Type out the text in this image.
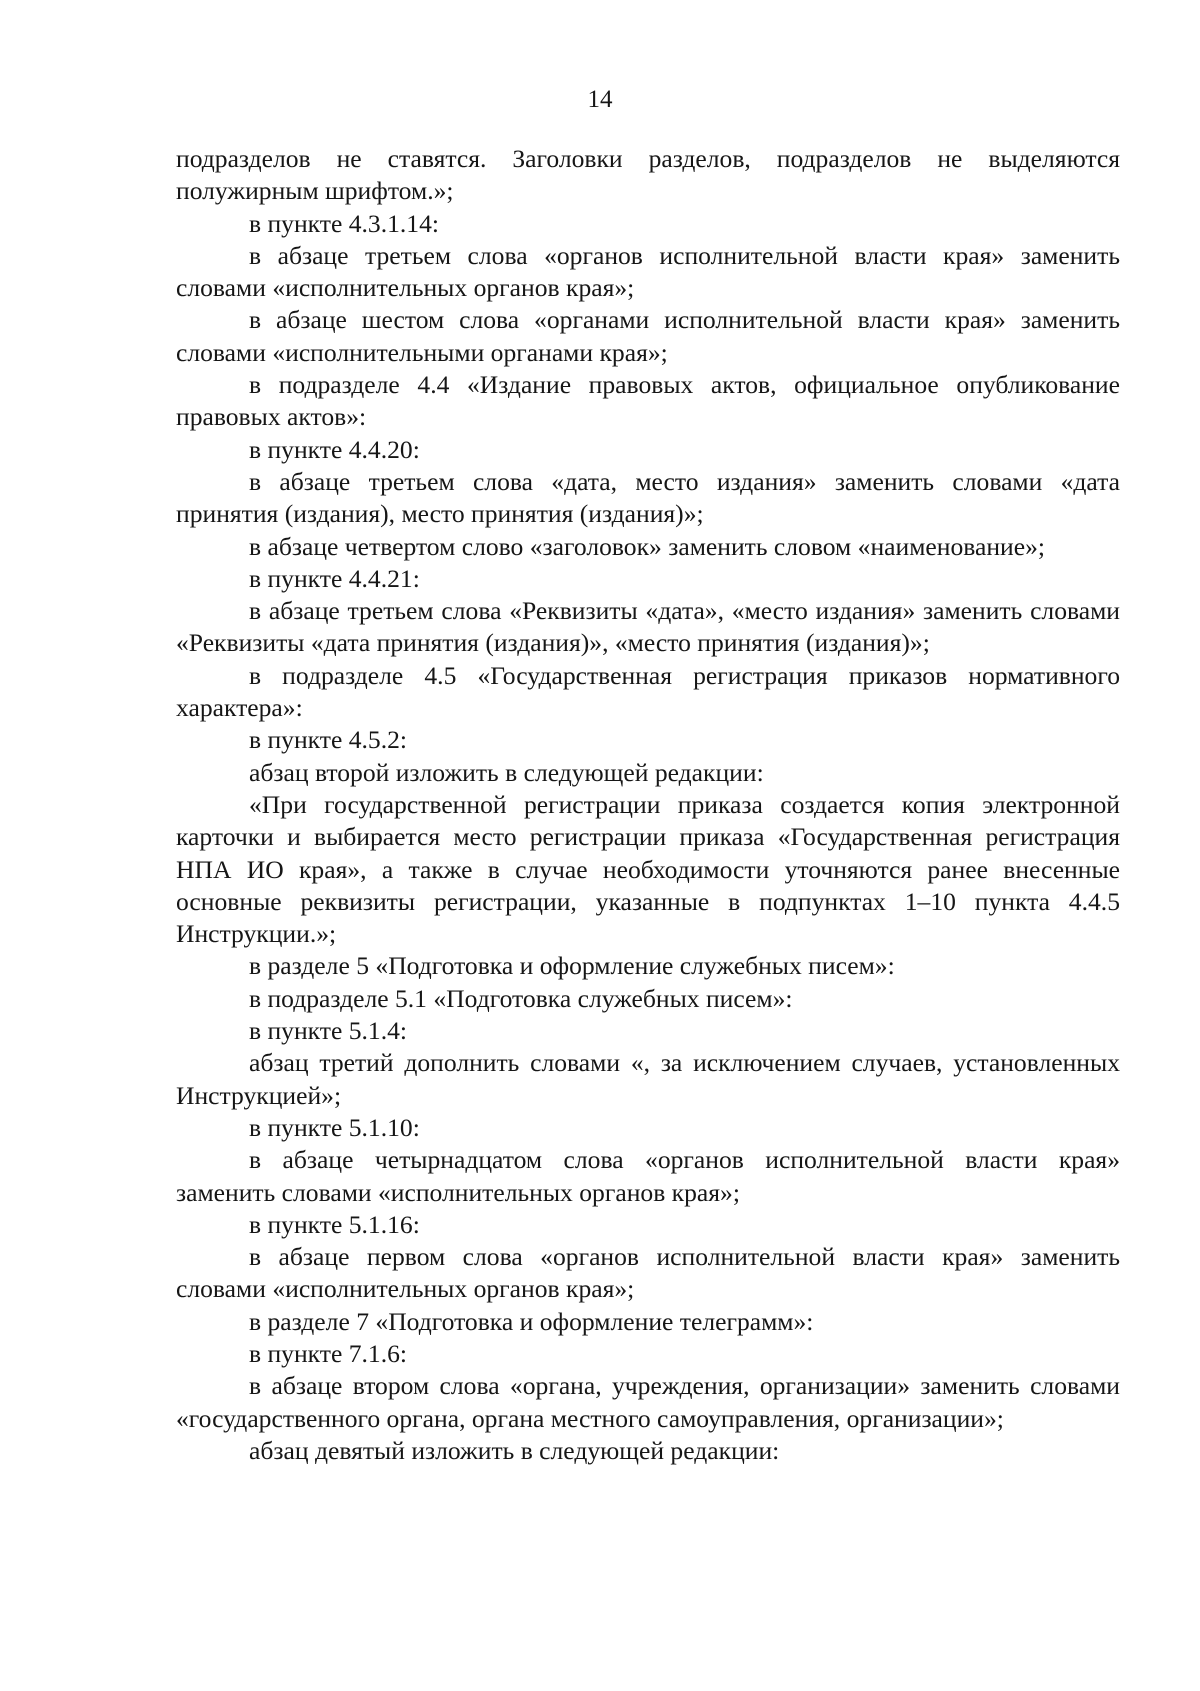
14

подразделов не ставятся. Заголовки разделов, подразделов не выделяются полужирным шрифтом.»;

в пункте 4.3.1.14:

в абзаце третьем слова «органов исполнительной власти края» заменить словами «исполнительных органов края»;

в абзаце шестом слова «органами исполнительной власти края» заменить словами «исполнительными органами края»;

в подразделе 4.4 «Издание правовых актов, официальное опубликование правовых актов»:

в пункте 4.4.20:

в абзаце третьем слова «дата, место издания» заменить словами «дата принятия (издания), место принятия (издания)»;

в абзаце четвертом слово «заголовок» заменить словом «наименование»;

в пункте 4.4.21:

в абзаце третьем слова «Реквизиты «дата», «место издания» заменить словами «Реквизиты «дата принятия (издания)», «место принятия (издания)»;

в подразделе 4.5 «Государственная регистрация приказов нормативного характера»:

в пункте 4.5.2:

абзац второй изложить в следующей редакции:

«При государственной регистрации приказа создается копия электронной карточки и выбирается место регистрации приказа «Государственная регистрация НПА ИО края», а также в случае необходимости уточняются ранее внесенные основные реквизиты регистрации, указанные в подпунктах 1–10 пункта 4.4.5 Инструкции.»;

в разделе 5 «Подготовка и оформление служебных писем»:

в подразделе 5.1 «Подготовка служебных писем»:

в пункте 5.1.4:

абзац третий дополнить словами «, за исключением случаев, установленных Инструкцией»;

в пункте 5.1.10:

в абзаце четырнадцатом слова «органов исполнительной власти края» заменить словами «исполнительных органов края»;

в пункте 5.1.16:

в абзаце первом слова «органов исполнительной власти края» заменить словами «исполнительных органов края»;

в разделе 7 «Подготовка и оформление телеграмм»:

в пункте 7.1.6:

в абзаце втором слова «органа, учреждения, организации» заменить словами «государственного органа, органа местного самоуправления, организации»;

абзац девятый изложить в следующей редакции:
